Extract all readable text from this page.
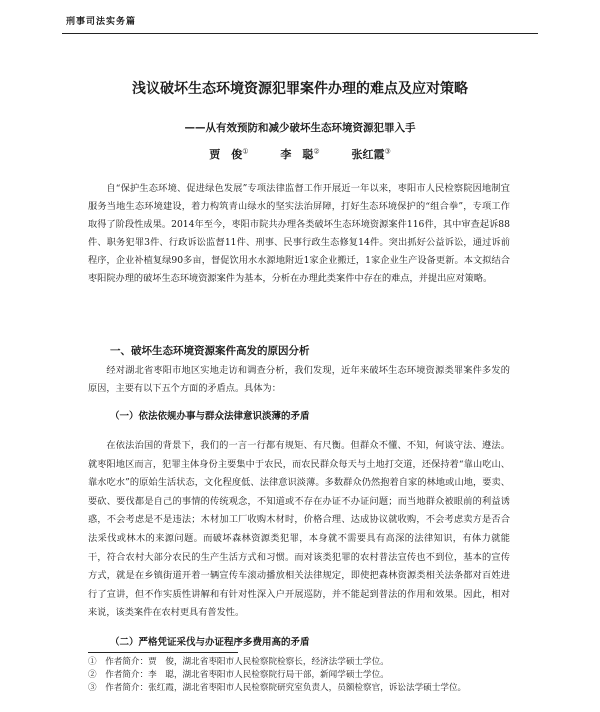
刑事司法实务篇
浅议破坏生态环境资源犯罪案件办理的难点及应对策略
——从有效预防和减少破坏生态环境资源犯罪入手
贾　俊①	李　聪②	张红霞③

自“保护生态环境、促进绿色发展”专项法律监督工作开展近一年以来，枣阳市人民检察院因地制宜服务当地生态环境建设，着力构筑青山绿水的坚实法治屏障，打好生态环境保护的“组合拳”，专项工作取得了阶段性成果。2014年至今，枣阳市院共办理各类破坏生态环境资源案件116件，其中审查起诉88件、职务犯罪3件、行政诉讼监督11件、刑事、民事行政生态修复14件。突出抓好公益诉讼，通过诉前程序，企业补植复绿90多亩，督促饮用水水源地附近1家企业搬迁，1家企业生产设备更新。本文拟结合枣阳院办理的破坏生态环境资源案件为基本，分析在办理此类案件中存在的难点，并提出应对策略。

一、破坏生态环境资源案件高发的原因分析

经对湖北省枣阳市地区实地走访和调查分析，我们发现，近年来破坏生态环境资源类罪案件多发的原因，主要有以下五个方面的矛盾点。具体为：

（一）依法依规办事与群众法律意识淡薄的矛盾

在依法治国的背景下，我们的一言一行都有规矩、有尺衡。但群众不懂、不知，何谈守法、遵法。就枣阳地区而言，犯罪主体身份主要集中于农民，而农民群众每天与土地打交道，还保持着“靠山吃山、靠水吃水”的原始生活状态，文化程度低、法律意识淡薄。多数群众仍然抱着自家的林地或山地，要卖、要砍、要伐都是自己的事情的传统观念，不知道或不存在办证不办证问题；而当地群众被眼前的利益诱惑，不会考虑是不是违法；木材加工厂收购木材时，价格合理、达成协议就收购，不会考虑卖方是否合法采伐或林木的来源问题。而破坏森林资源类犯罪，本身就不需要具有高深的法律知识，有体力就能干，符合农村大部分农民的生产生活方式和习惯。而对该类犯罪的农村普法宣传也不到位，基本的宣传方式，就是在乡镇街道开着一辆宣传车滚动播放相关法律规定，即使把森林资源类相关法条都对百姓进行了宣讲，但不作实质性讲解和有针对性深入户开展巡防，并不能起到普法的作用和效果。因此，相对来说，该类案件在农村更具有普发性。

（二）严格凭证采伐与办证程序多费用高的矛盾

①　作者简介：贾　俊，湖北省枣阳市人民检察院检察长，经济法学硕士学位。
②　作者简介：李　聪，湖北省枣阳市人民检察院行局干部，新闻学硕士学位。
③　作者简介：张红霞，湖北省枣阳市人民检察院研究室负责人，员额检察官，诉讼法学硕士学位。
